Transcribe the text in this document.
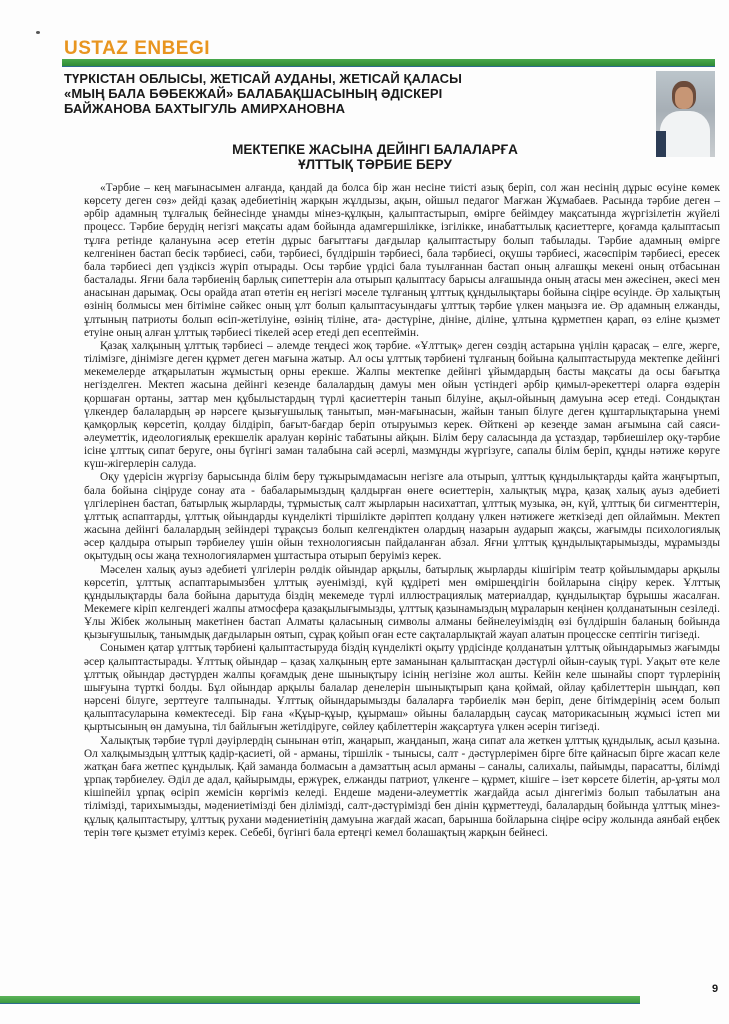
USTAZ ENBEGI
ТҮРКІСТАН ОБЛЫСЫ, ЖЕТІСАЙ АУДАНЫ, ЖЕТІСАЙ ҚАЛАСЫ
«МЫҢ БАЛА БӨБЕКЖАЙ» БАЛАБАҚШАСЫНЫҢ ӘДІСКЕРІ
БАЙЖАНОВА БАХТЫГУЛЬ АМИРХАНОВНА
МЕКТЕПКЕ ЖАСЫНА ДЕЙІНГІ БАЛАЛАРҒА
ҰЛТТЫҚ ТӘРБИЕ БЕРУ

«Тәрбие – кең мағынасымен алғанда, қандай да болса бір жан несіне тиісті азық беріп, сол жан несінің дұрыс өсуіне көмек көрсету деген сөз» дейді қазақ әдебиетінің жарқын жұлдызы, ақын, ойшыл педагог Мағжан Жұмабаев. Расында тәрбие деген – әрбір адамның тұлғалық бейнесінде ұнамды мінез-құлқын, қалыптастырып, өмірге бейімдеу мақсатында жүргізілетін жүйелі процесс. Тәрбие берудің негізгі мақсаты адам бойында адамгершілікке, ізгілікке, инабаттылық қасиеттерге, қоғамда қалыптасып тұлға ретінде қалануына әсер ететін дұрыс бағыттағы дағдылар қалыптастыру болып табылады. Тәрбие адамның өміргe келгенінен бастап бесік тәрбиесі, сәби, тәрбиесі, бүлдіршін тәрбиесі, бала тәрбиесі, оқушы тәрбиесі, жасөспірім тәрбиесі, ересек бала тәрбиесі деп үздіксіз жүріп отырады. Осы тәрбие үрдісі бала туылғаннан бастап оның алғашқы мекені оның отбасынан басталады. Яғни бала тәрбиенің барлық сипеттерін ала отырып қалыптасу барысы алғашында оның атасы мен әжесінен, әкесі мен анасынан дарымақ. Осы орайда атап өтетін ең негізгі мәселе тұлғаның ұлттық құндылықтары бойына сіңіре өсуінде. Әр халықтың өзінің болмысы мен бітіміне сәйкес оның ұлт болып қалыптасуындағы ұлттық тәрбие үлкен маңызға ие. Әр адамның елжанды, ұлтының патриоты болып өсіп-жетілуіне, өзінің тіліне, ата- дәстүріне, дініне, діліне, ұлтына құрметпен қарап, өз еліне қызмет етуіне оның алған ұлттық тәрбиесі тікелей әсер етеді деп есептеймін.

Қазақ халқының ұлттық тәрбиесі – әлемде теңдесі жоқ тәрбие. «Ұлттық» деген сөздің астарына үңілін қарасақ – елге, жерге, тілімізге, дінімізге деген құрмет деген мағына жатыр. Ал осы ұлттық тәрбиені тұлғаның бойына қалыптастыруда мектепке дейінгі мекемелерде атқарылатын жұмыстың орны ерекше. Жалпы мектепке дейінгі ұйымдардың басты мақсаты да осы бағытқа негізделген. Мектеп жасына дейінгі кезенде балалардың дамуы мен ойын үстіндегі әрбір қимыл-әрекеттері оларға өздерін қоршаған ортаны, заттар мен құбылыстардың түрлі қасиеттерін танып білуіне, ақыл-ойының дамуына әсер етеді. Сондықтан үлкендер балалардың әр нәрсеге қызығушылық танытып, мән-мағынасын, жайын танып білуге деген құштарлықтарына үнемі қамқорлық көрсетіп, қолдау білдіріп, бағыт-бағдар беріп отыруымыз керек. Өйткені әр кезеңде заман ағымына сай саяси-әлеуметтік, идеологиялық ерекшелік аралуан көрініс табатыны айқын. Білім беру саласында да ұстаздар, тәрбиешілер оқу-тәрбие ісіне ұлттық сипат беруге, оны бүгінгі заман талабына сай әсерлі, мазмұнды жүргізуге, сапалы білім беріп, құнды нәтиже көруге күш-жігерлерін салуда.

Оқу үдерісін жүргізу барысында білім беру тұжырымдамасын негізге ала отырып, ұлттық құндылықтарды қайта жаңғыртып, бала бойына сіңіруде сонау ата - бабаларымыздың қалдырған өнеге өсиеттерін, халықтық мұра, қазақ халық ауыз әдебиеті үлгілерінен бастап, батырлық жырларды, тұрмыстық салт жырларын насихаттап, ұлттық музыка, ән, күй, ұлттық би сигменттерін, ұлттық аспаптарды, ұлттық ойындарды күнделікті тіршілікте дәріптеп қолдану үлкен нәтижеге жеткізеді деп ойлаймын. Мектеп жасына дейінгі балалардың зейіндері тұрақсыз болып келгендіктен олардың назарын аударып жақсы, жағымды психологиялық әсер қалдыра отырып тәрбиелеу үшін ойын технологиясын пайдаланған абзал. Яғни ұлттық құндылықтарымызды, мұрамызды оқытудың осы жаңа технологиялармен ұштастыра отырып беруіміз керек.

Мәселен халық ауыз әдебиеті үлгілерін рөлдік ойындар арқылы, батырлық жырларды кішігірім театр қойылымдары арқылы көрсетіп, ұлттық аспаптарымызбен ұлттық әуенімізді, күй құдіреті мен өміршеңдігін бойларына сіңіру керек. Ұлттық құндылықтарды бала бойына дарытуда біздің мекемеде түрлі иллюстрациялық материалдар, құндылықтар бұрышы жасалған. Мекемеге кіріп келгендегі жалпы атмосфера қазақылығымызды, ұлттық қазынамыздың мұраларын кеңінен қолданатынын сезіледі. Ұлы Жібек жолының макетінен бастап Алматы қаласының символы алманы бейнелеуіміздің өзі бүлдіршін баланың бойында қызығушылық, танымдық дағдыларын оятып, сұрақ қойып оған есте сақталарлықтай жауап алатын процесске септігін тигізеді.

Сонымен қатар ұлттық тәрбиені қалыптастыруда біздің күнделікті оқыту үрдісінде қолданатын ұлттық ойындарымыз жағымды әсер қалыптастырады. Ұлттық ойындар – қазақ халқының ерте заманынан қалыптасқан дәстүрлі ойын-сауық түрі. Уақыт өте келе ұлттық ойындар дәстүрден жалпы қоғамдық дене шынықтыру ісінің негізіне жол ашты. Кейін келе шынайы спорт түрлерінің шығуына түрткі болды. Бұл ойындар арқылы балалар денелерін шынықтырып қана қоймай, ойлау қабілеттерін шыңдап, көп нәрсені білуге, зерттеуге талпынады. Ұлттық ойындарымызды балаларға тәрбиелік мән беріп, дене бітімдерінің әсем болып қалыптасуларына көмектеседі. Бір ғана «Құыр-құыр, құырмаш» ойыны балалардың саусақ маторикасының жұмысі істеп ми қыртысының өн дамуына, тіл байлығын жетілдіруге, сөйлеу қабілеттерін жақсартуға үлкен әсерін тигізеді.

Халықтық тәрбие түрлі дәуірлердің сынынан өтіп, жаңарып, жаңданып, жаңа сипат ала жеткен ұлттық құндылық, асыл қазына. Ол халқымыздың ұлттық қадір-қасиеті, ой - арманы, тіршілік - тынысы, салт - дәстүрлерімен бірге біте қайнасып бірге жасап келе жатқан баға жетпес құндылық. Қай заманда болмасын а дамзаттың асыл арманы – саналы, салихалы, пайымды, парасатты, білімді ұрпақ тәрбиелеу. Әділ де адал, қайырымды, ержүрек, елжанды патриот, үлкенге – құрмет, кішіге – ізет көрсете білетін, ар-ұяты мол кішіпейіл ұрпақ өсіріп жемісін көргіміз келеді. Ендеше мәдени-әлеуметтік жағдайда асыл дінгегіміз болып табылатын ана тілімізді, тарихымызды, мәдениетімізді бен ділімізді, салт-дәстүрімізді бен дінін құрметтеуді, балалардың бойында ұлттық мінез-құлық қалыптастыру, ұлттық рухани мәдениетінің дамуына жағдай жасап, барынша бойларына сіңіре өсіру жолында аянбай еңбек терін төге қызмет етуіміз керек. Себебі, бүгінгі бала ертеңгі кемел болашақтың жарқын бейнесі.

9
